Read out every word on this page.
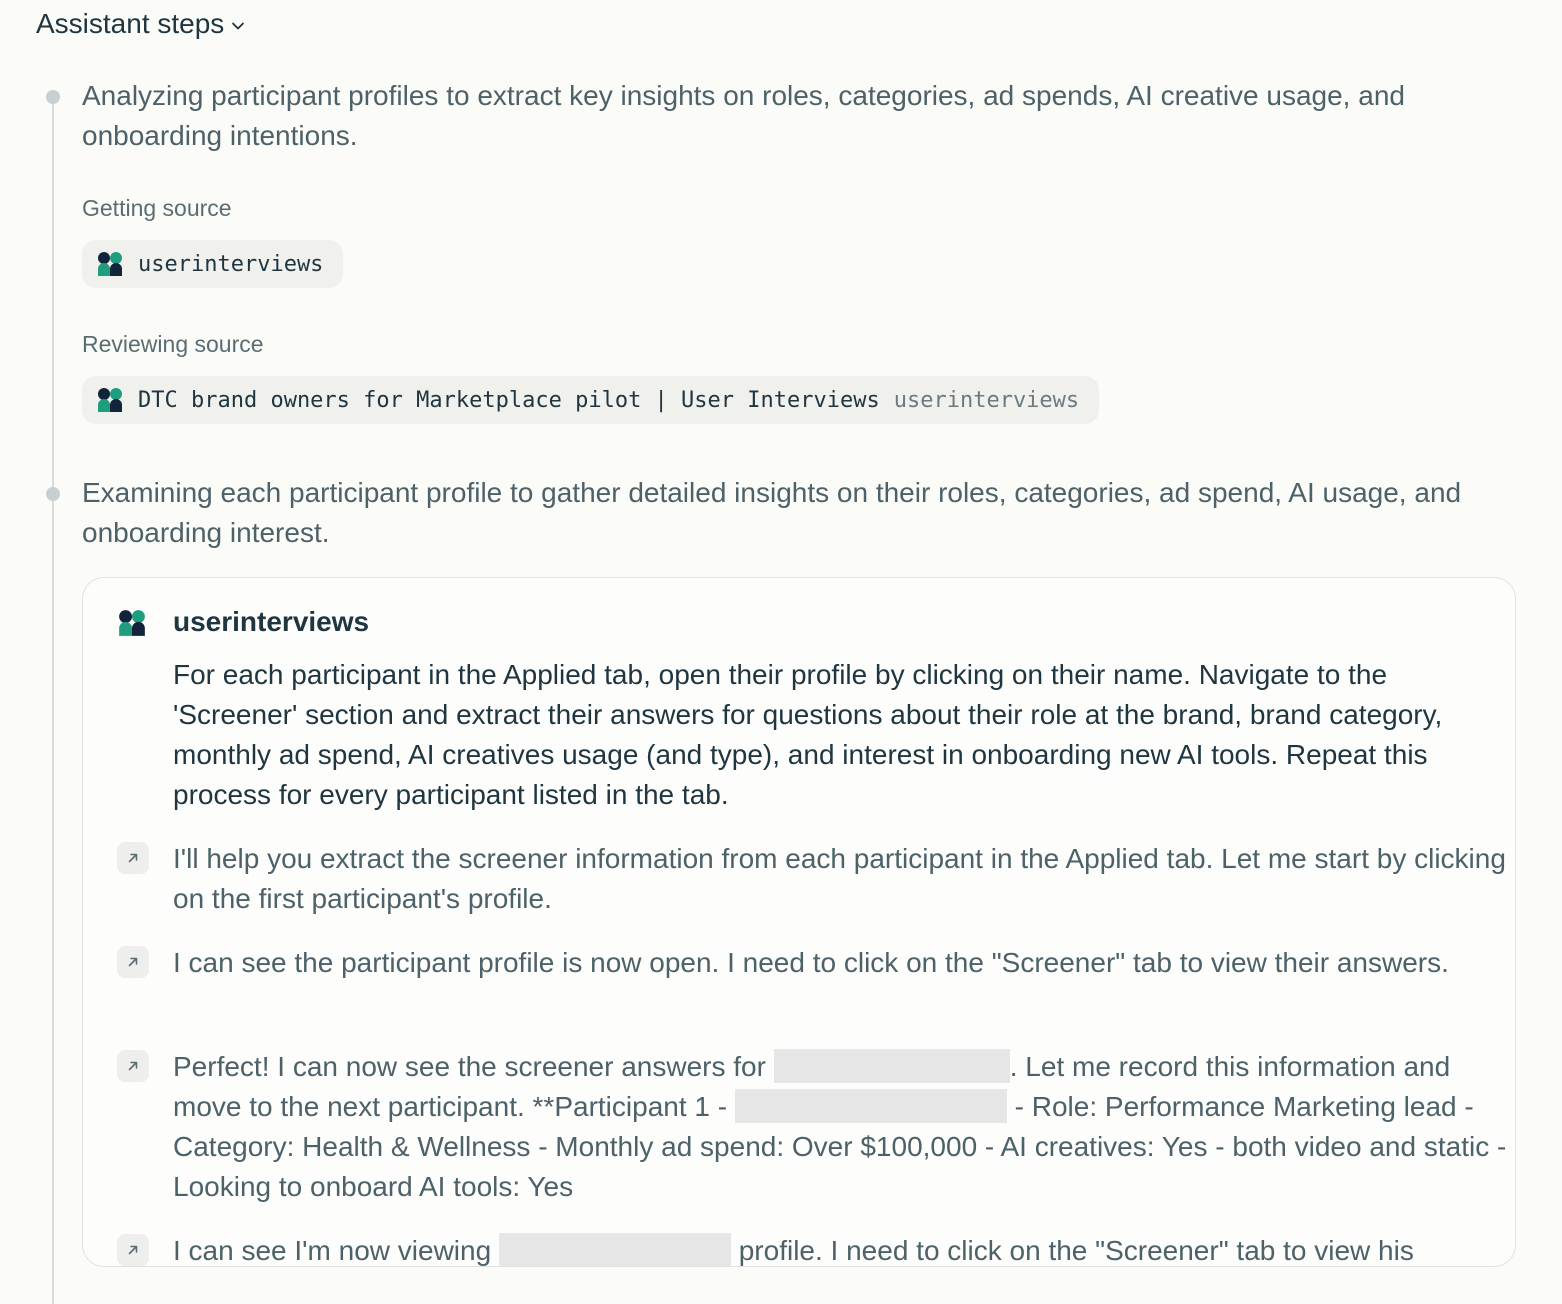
Assistant steps
Analyzing participant profiles to extract key insights on roles, categories, ad spends, AI creative usage, and onboarding intentions.
Getting source
userinterviews
Reviewing source
DTC brand owners for Marketplace pilot | User Interviews userinterviews
Examining each participant profile to gather detailed insights on their roles, categories, ad spend, AI usage, and onboarding interest.
userinterviews
For each participant in the Applied tab, open their profile by clicking on their name. Navigate to the 'Screener' section and extract their answers for questions about their role at the brand, brand category, monthly ad spend, AI creatives usage (and type), and interest in onboarding new AI tools. Repeat this process for every participant listed in the tab.
I'll help you extract the screener information from each participant in the Applied tab. Let me start by clicking on the first participant's profile.
I can see the participant profile is now open. I need to click on the "Screener" tab to view their answers.
Perfect! I can now see the screener answers for	. Let me record this information and move to the next participant. **Participant 1 -	- Role: Performance Marketing lead - Category: Health & Wellness - Monthly ad spend: Over $100,000 - AI creatives: Yes - both video and static - Looking to onboard AI tools: Yes
I can see I'm now viewing	profile. I need to click on the "Screener" tab to view his
